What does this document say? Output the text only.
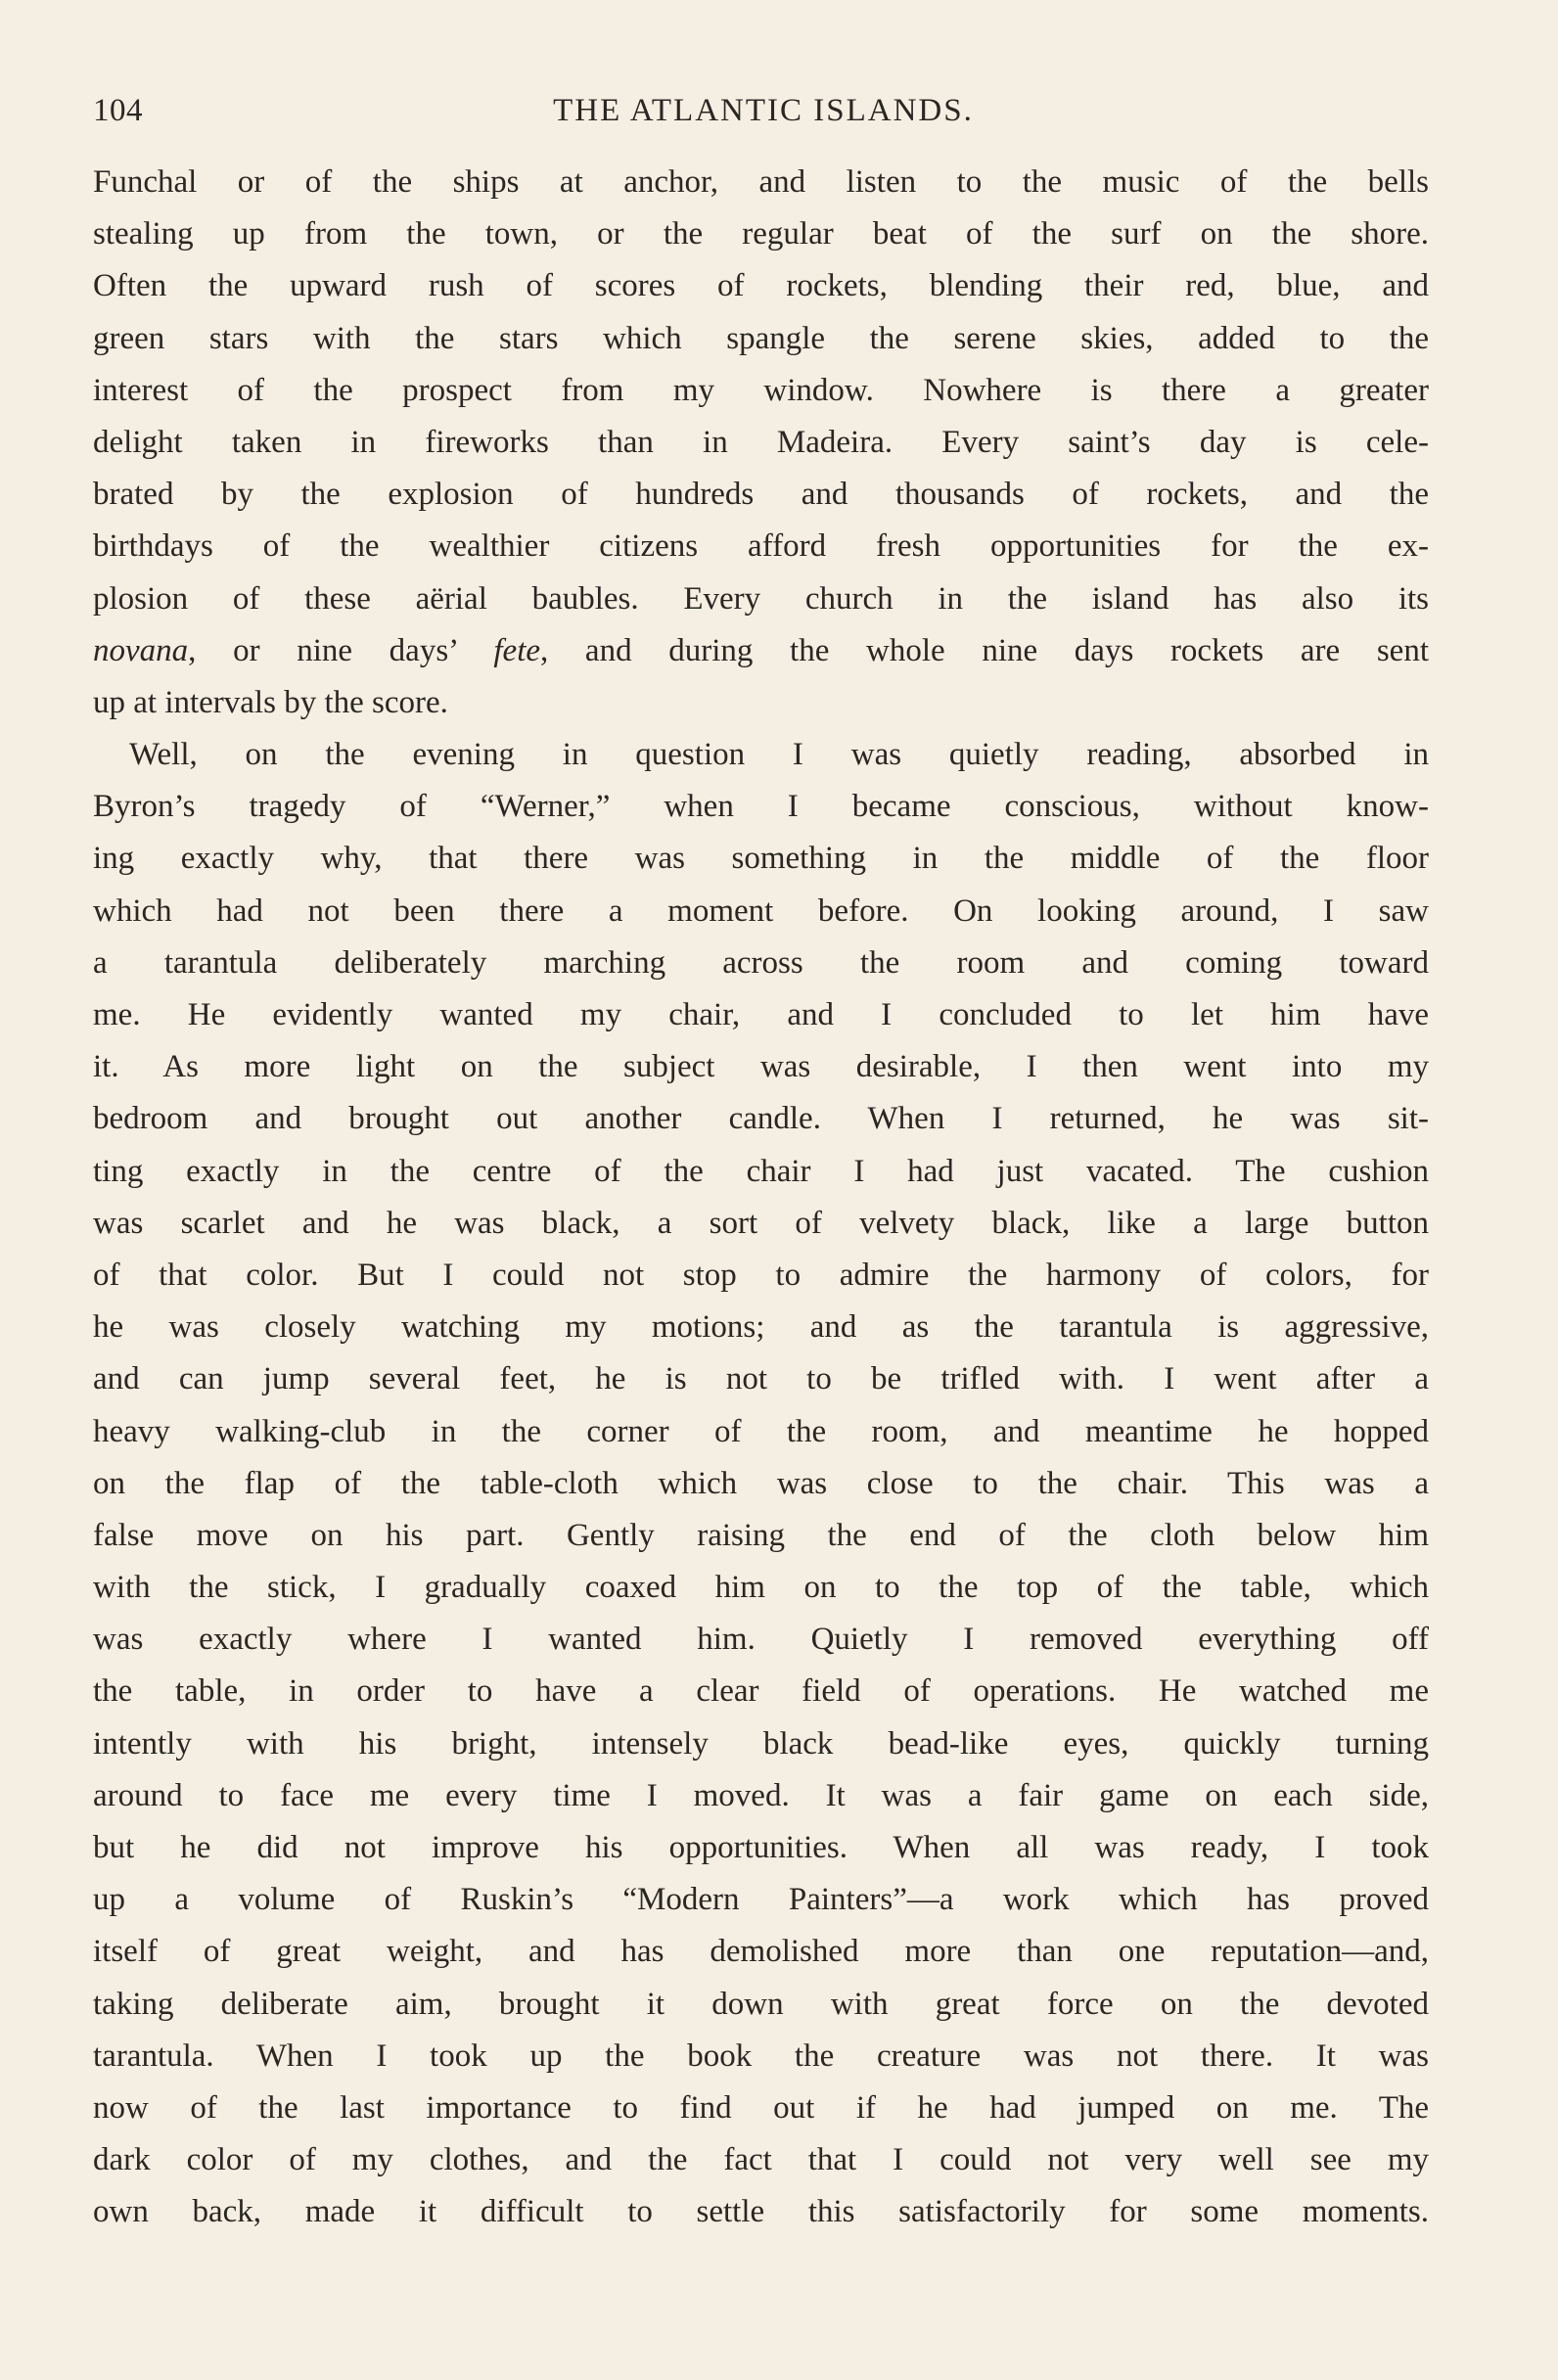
104	THE ATLANTIC ISLANDS.
Funchal or of the ships at anchor, and listen to the music of the bells
stealing up from the town, or the regular beat of the surf on the shore.
Often the upward rush of scores of rockets, blending their red, blue, and
green stars with the stars which spangle the serene skies, added to the
interest of the prospect from my window. Nowhere is there a greater
delight taken in fireworks than in Madeira. Every saint’s day is cele-
brated by the explosion of hundreds and thousands of rockets, and the
birthdays of the wealthier citizens afford fresh opportunities for the ex-
plosion of these aërial baubles. Every church in the island has also its
novana, or nine days’ fete, and during the whole nine days rockets are sent
up at intervals by the score.
Well, on the evening in question I was quietly reading, absorbed in
Byron’s tragedy of “Werner,” when I became conscious, without know-
ing exactly why, that there was something in the middle of the floor
which had not been there a moment before. On looking around, I saw
a tarantula deliberately marching across the room and coming toward
me. He evidently wanted my chair, and I concluded to let him have
it. As more light on the subject was desirable, I then went into my
bedroom and brought out another candle. When I returned, he was sit-
ting exactly in the centre of the chair I had just vacated. The cushion
was scarlet and he was black, a sort of velvety black, like a large button
of that color. But I could not stop to admire the harmony of colors, for
he was closely watching my motions; and as the tarantula is aggressive,
and can jump several feet, he is not to be trifled with. I went after a
heavy walking-club in the corner of the room, and meantime he hopped
on the flap of the table-cloth which was close to the chair. This was a
false move on his part. Gently raising the end of the cloth below him
with the stick, I gradually coaxed him on to the top of the table, which
was exactly where I wanted him. Quietly I removed everything off
the table, in order to have a clear field of operations. He watched me
intently with his bright, intensely black bead-like eyes, quickly turning
around to face me every time I moved. It was a fair game on each side,
but he did not improve his opportunities. When all was ready, I took
up a volume of Ruskin’s “Modern Painters”—a work which has proved
itself of great weight, and has demolished more than one reputation—and,
taking deliberate aim, brought it down with great force on the devoted
tarantula. When I took up the book the creature was not there. It was
now of the last importance to find out if he had jumped on me. The
dark color of my clothes, and the fact that I could not very well see my
own back, made it difficult to settle this satisfactorily for some moments.
